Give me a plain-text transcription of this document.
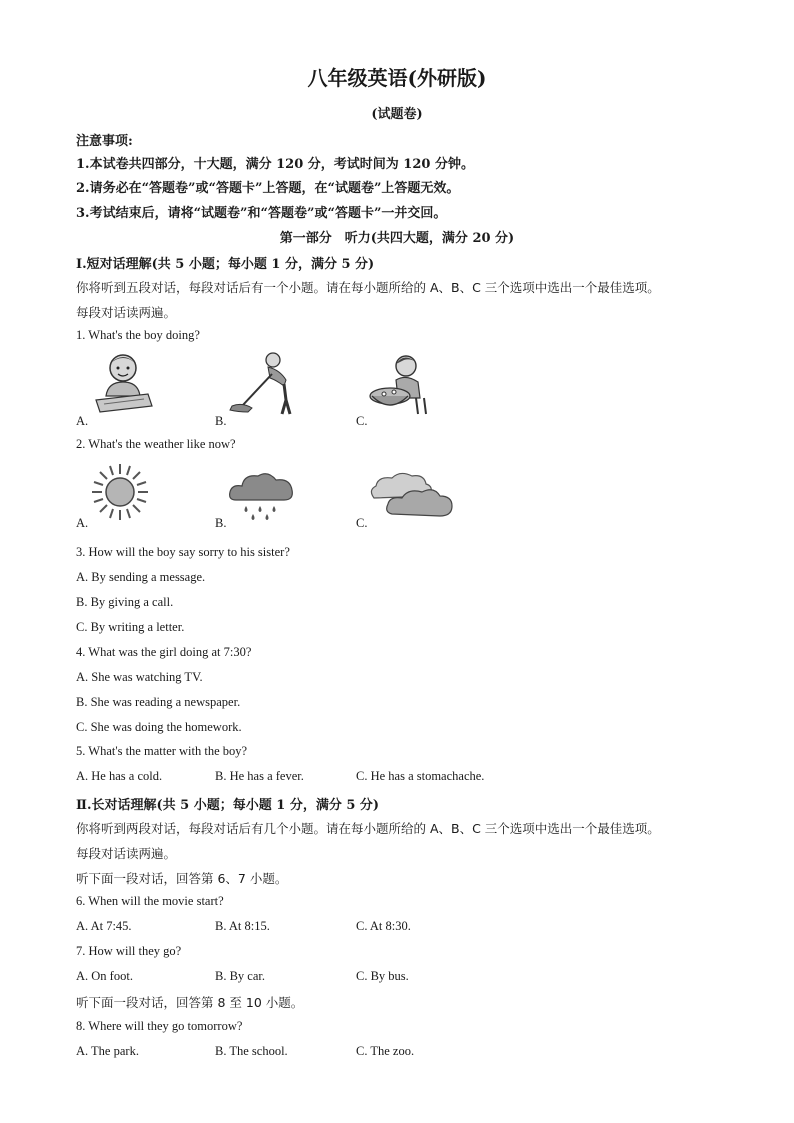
八年级英语(外研版)
(试题卷)
注意事项:
1.本试卷共四部分，十大题，满分 120 分，考试时间为 120 分钟。
2.请务必在“答题卷”或“答题卡”上答题，在“试题卷”上答题无效。
3.考试结束后，请将“试题卷”和“答题卷”或“答题卡”一并交回。
第一部分　听力(共四大题，满分 20 分)
Ⅰ.短对话理解(共 5 小题；每小题 1 分，满分 5 分)
你将听到五段对话，每段对话后有一个小题。请在每小题所给的 A、B、C 三个选项中选出一个最佳选项。
每段对话读两遍。
1. What's the boy doing?
A.	B.	C.
2. What's the weather like now?
A.	B.	C.
3. How will the boy say sorry to his sister?
A. By sending a message.
B. By giving a call.
C. By writing a letter.
4. What was the girl doing at 7:30?
A. She was watching TV.
B. She was reading a newspaper.
C. She was doing the homework.
5. What's the matter with the boy?
A. He has a cold.	B. He has a fever.	C. He has a stomachache.
Ⅱ.长对话理解(共 5 小题；每小题 1 分，满分 5 分)
你将听到两段对话，每段对话后有几个小题。请在每小题所给的 A、B、C 三个选项中选出一个最佳选项。
每段对话读两遍。
听下面一段对话，回答第 6、7 小题。
6. When will the movie start?
A. At 7:45.	B. At 8:15.	C. At 8:30.
7. How will they go?
A. On foot.	B. By car.	C. By bus.
听下面一段对话，回答第 8 至 10 小题。
8. Where will they go tomorrow?
A. The park.	B. The school.	C. The zoo.
